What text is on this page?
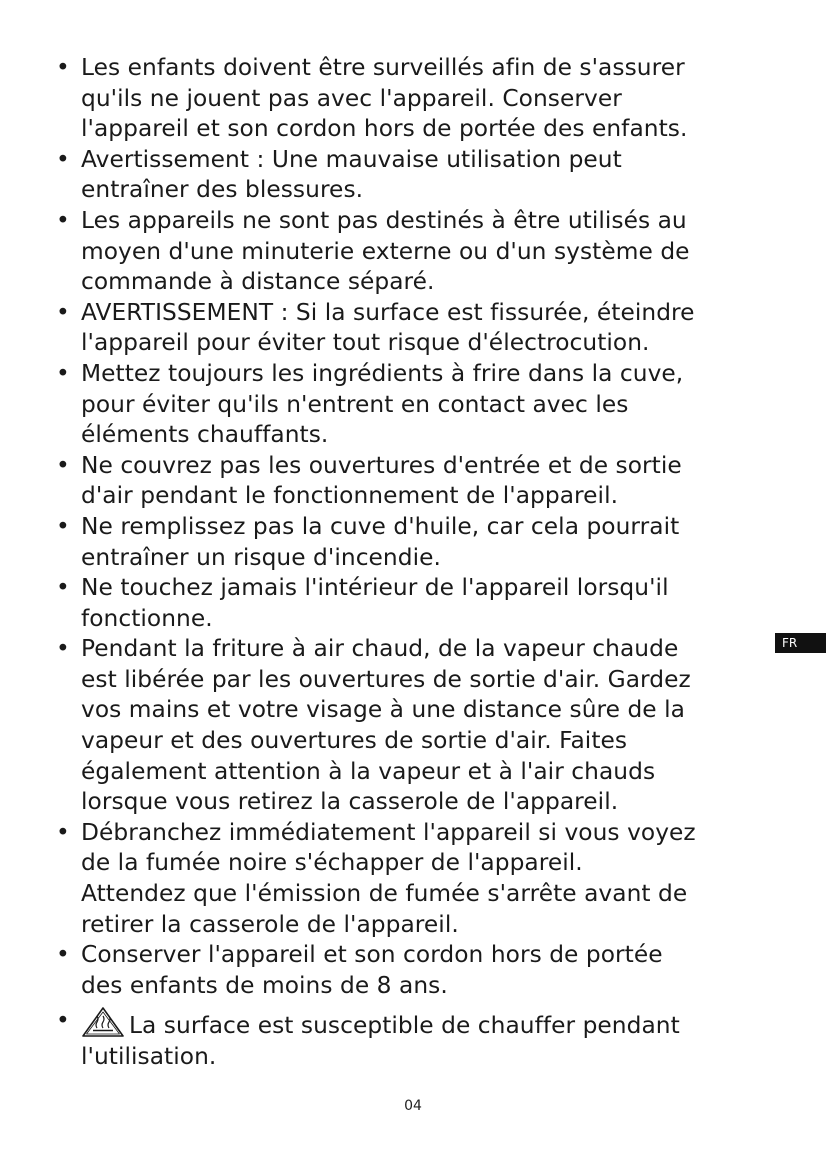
• Les enfants doivent être surveillés afin de s'assurer
qu'ils ne jouent pas avec l'appareil. Conserver
l'appareil et son cordon hors de portée des enfants.
• Avertissement : Une mauvaise utilisation peut
entraîner des blessures.
• Les appareils ne sont pas destinés à être utilisés au
moyen d'une minuterie externe ou d'un système de
commande à distance séparé.
• AVERTISSEMENT : Si la surface est fissurée, éteindre
l'appareil pour éviter tout risque d'électrocution.
• Mettez toujours les ingrédients à frire dans la cuve,
pour éviter qu'ils n'entrent en contact avec les
éléments chauffants.
• Ne couvrez pas les ouvertures d'entrée et de sortie
d'air pendant le fonctionnement de l'appareil.
• Ne remplissez pas la cuve d'huile, car cela pourrait
entraîner un risque d'incendie.
• Ne touchez jamais l'intérieur de l'appareil lorsqu'il
fonctionne.
• Pendant la friture à air chaud, de la vapeur chaude
est libérée par les ouvertures de sortie d'air. Gardez
vos mains et votre visage à une distance sûre de la
vapeur et des ouvertures de sortie d'air. Faites
également attention à la vapeur et à l'air chauds
lorsque vous retirez la casserole de l'appareil.
• Débranchez immédiatement l'appareil si vous voyez
de la fumée noire s'échapper de l'appareil.
Attendez que l'émission de fumée s'arrête avant de
retirer la casserole de l'appareil.
• Conserver l'appareil et son cordon hors de portée
des enfants de moins de 8 ans.
•	La surface est susceptible de chauffer pendant
l'utilisation.
FR
04
